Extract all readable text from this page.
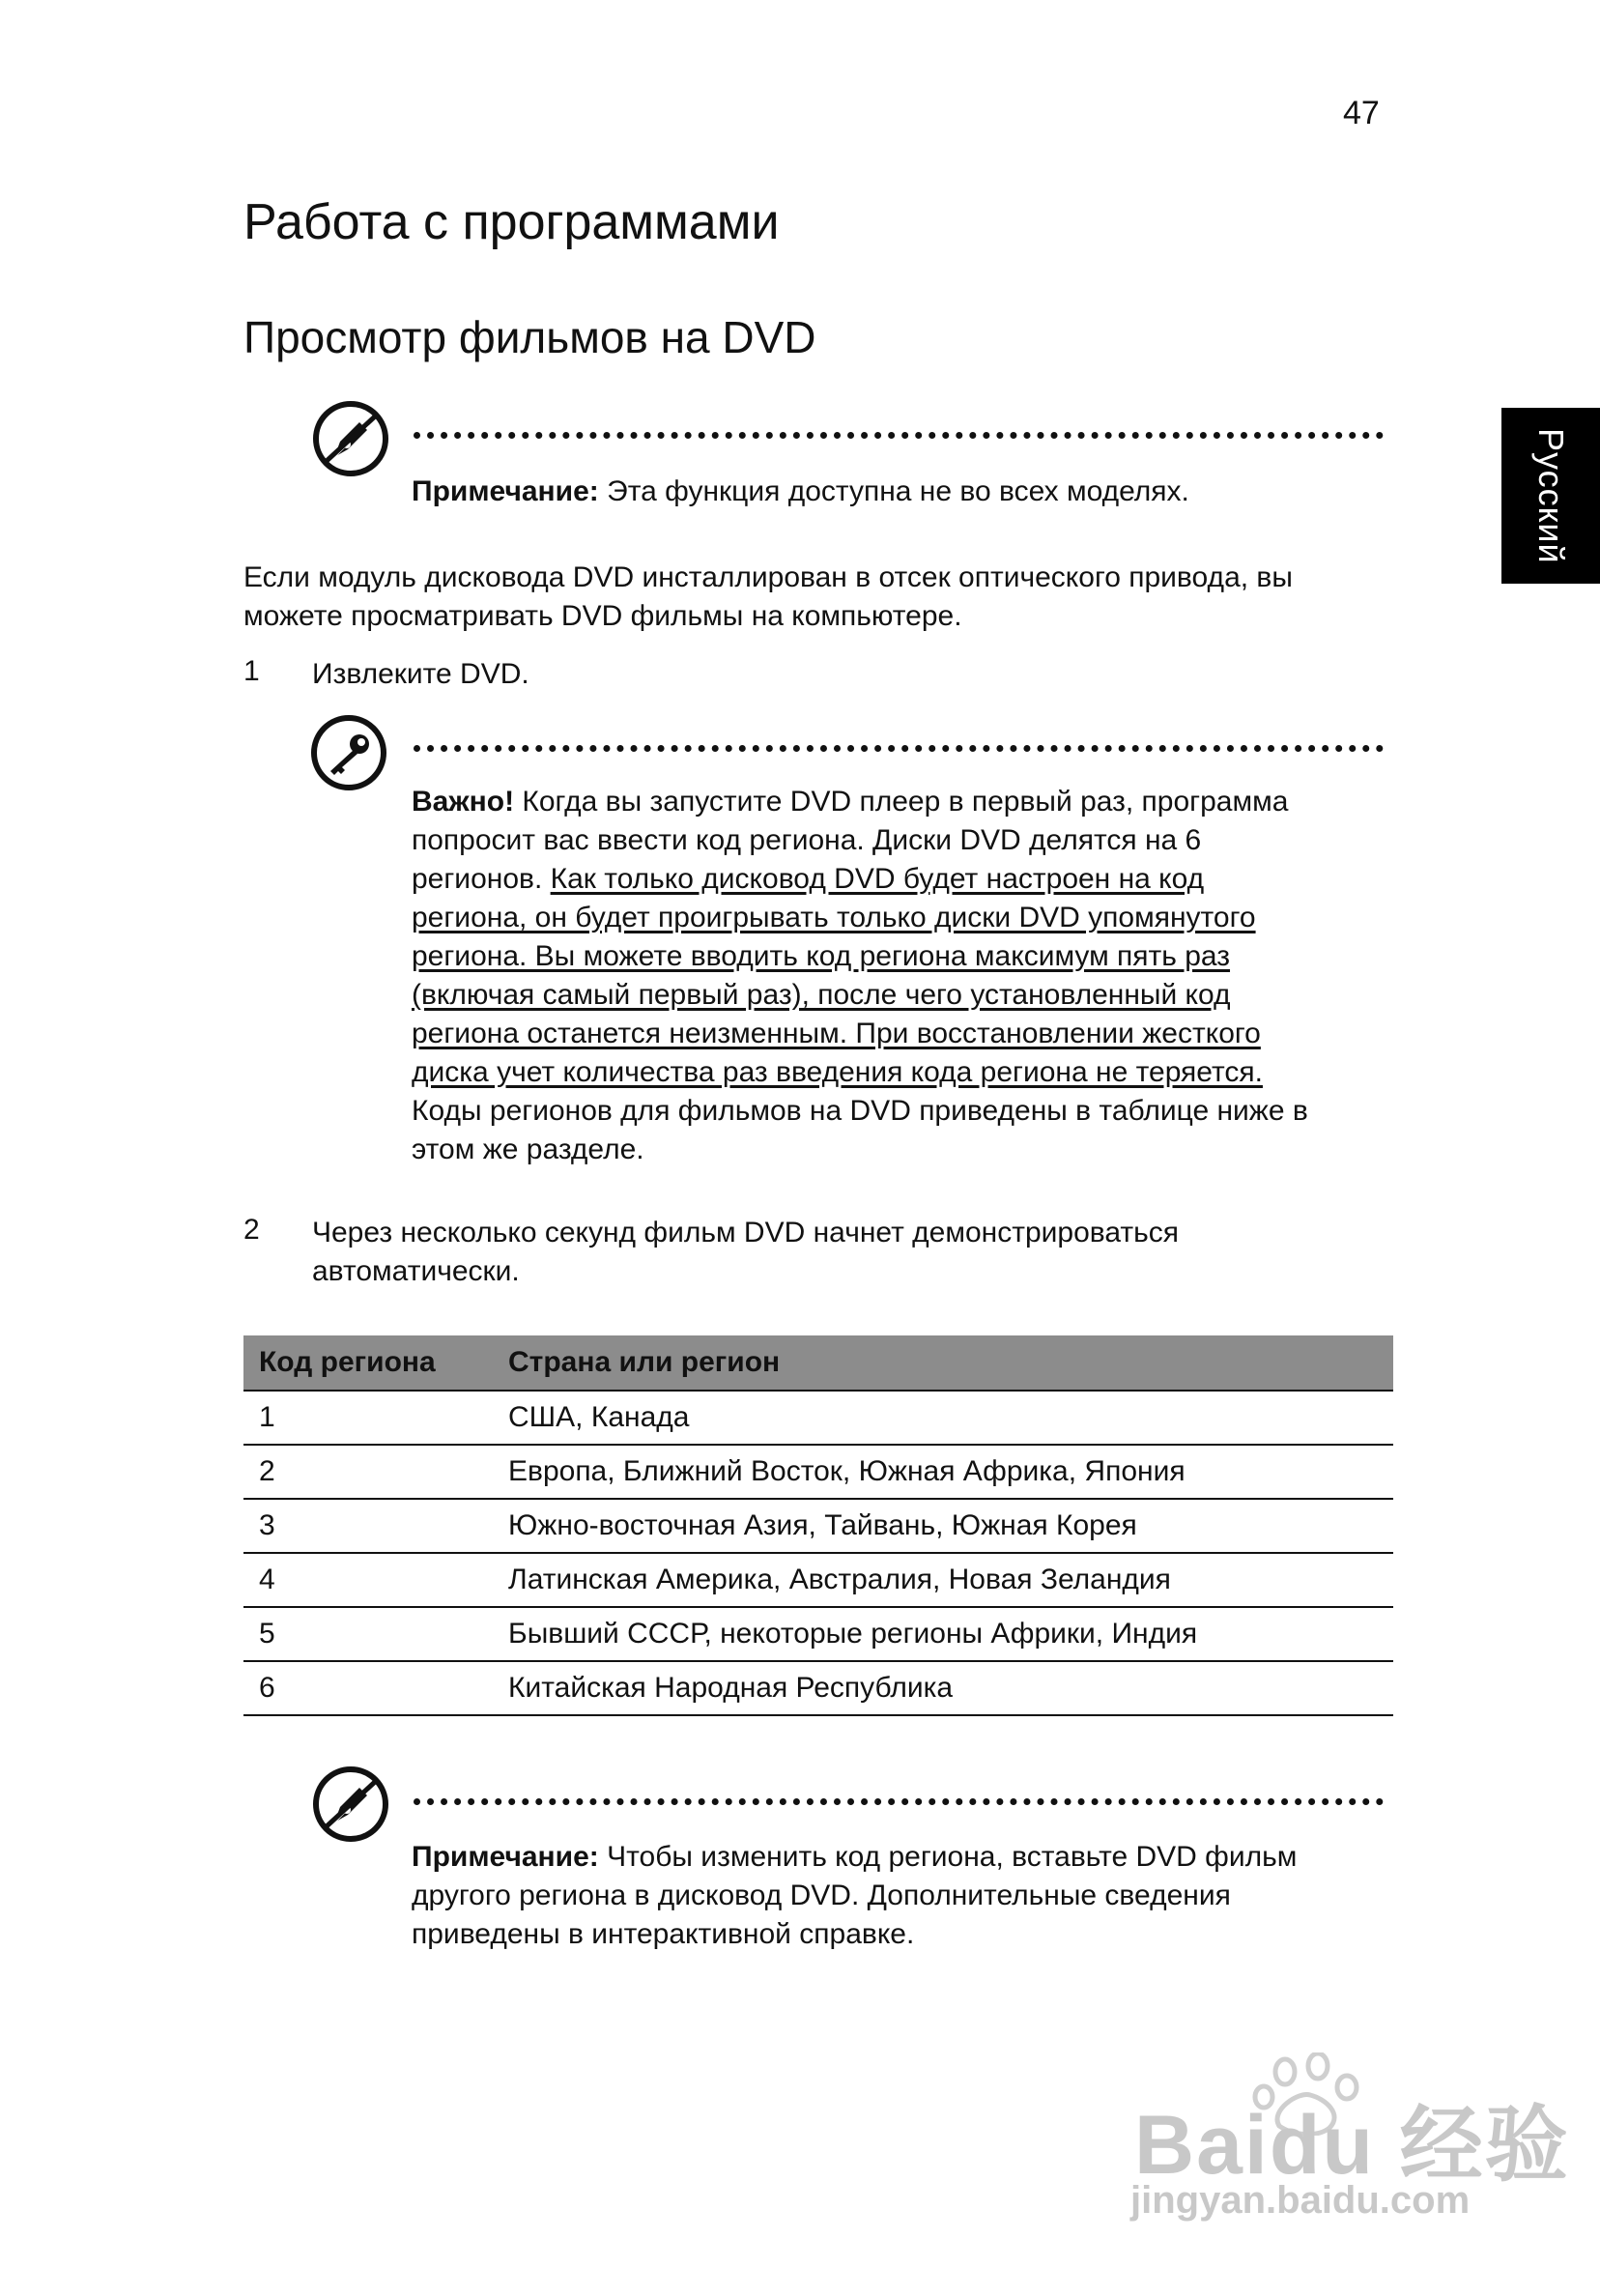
47
Работа с программами
Просмотр фильмов на DVD
Русский
Примечание: Эта функция доступна не во всех моделях.
Если модуль дисковода DVD инсталлирован в отсек оптического привода, вы
можете просматривать DVD фильмы на компьютере.
1 Извлеките DVD.
Важно! Когда вы запустите DVD плеер в первый раз, программа
попросит вас ввести код региона. Диски DVD делятся на 6
регионов. Как только дисковод DVD будет настроен на код
региона, он будет проигрывать только диски DVD упомянутого
региона. Вы можете вводить код региона максимум пять раз
(включая самый первый раз), после чего установленный код
региона останется неизменным. При восстановлении жесткого
диска учет количества раз введения кода региона не теряется.
Коды регионов для фильмов на DVD приведены в таблице ниже в
этом же разделе.
2 Через несколько секунд фильм DVD начнет демонстрироваться
автоматически.
Код региона	Страна или регион
1	США, Канада
2	Европа, Ближний Восток, Южная Африка, Япония
3	Южно-восточная Азия, Тайвань, Южная Корея
4	Латинская Америка, Австралия, Новая Зеландия
5	Бывший СССР, некоторые регионы Африки, Индия
6	Китайская Народная Республика
Примечание: Чтобы изменить код региона, вставьте DVD фильм
другого региона в дисковод DVD. Дополнительные сведения
приведены в интерактивной справке.
Baidu 经验
jingyan.baidu.com
